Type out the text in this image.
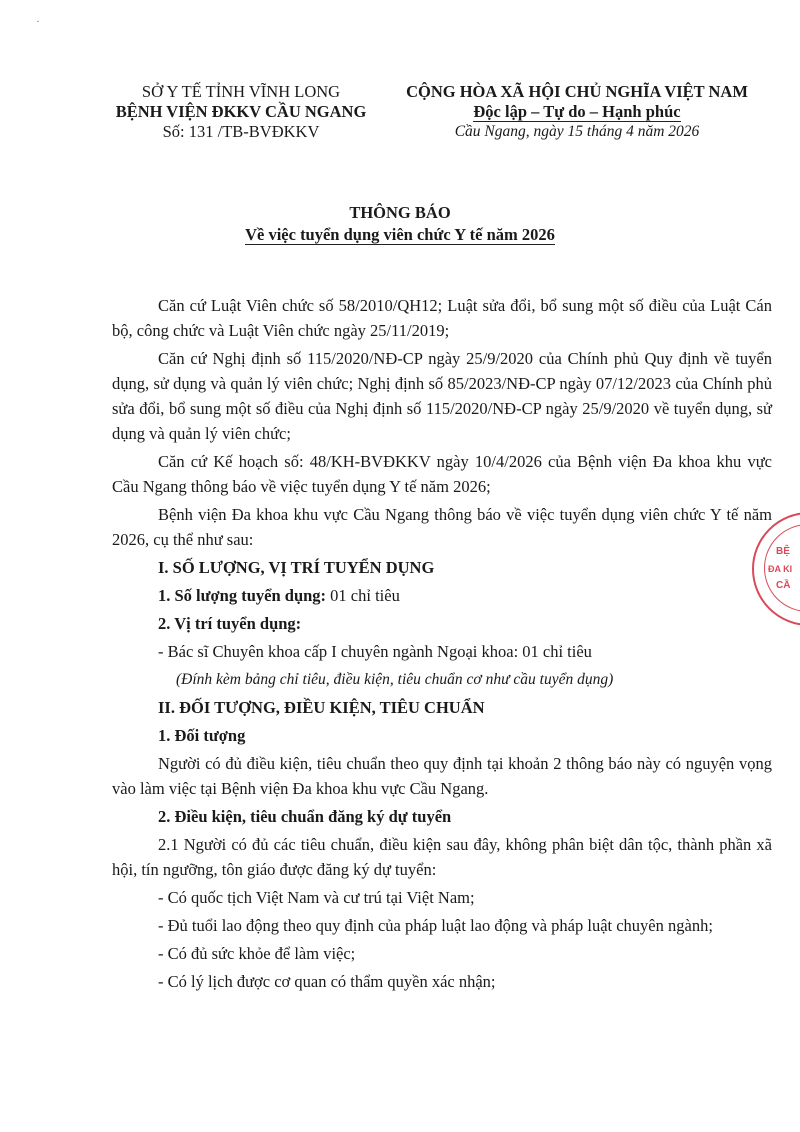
·
SỞ Y TẾ TỈNH VĨNH LONG
BỆNH VIỆN ĐKKV CẦU NGANG
Số: 131 /TB-BVĐKKV
CỘNG HÒA XÃ HỘI CHỦ NGHĨA VIỆT NAM
Độc lập – Tự do – Hạnh phúc
Cầu Ngang, ngày 15 tháng 4 năm 2026
THÔNG BÁO
Về việc tuyển dụng viên chức Y tế năm 2026

Căn cứ Luật Viên chức số 58/2010/QH12; Luật sửa đổi, bổ sung một số điều của Luật Cán bộ, công chức và Luật Viên chức ngày 25/11/2019;

Căn cứ Nghị định số 115/2020/NĐ-CP ngày 25/9/2020 của Chính phủ Quy định về tuyển dụng, sử dụng và quản lý viên chức; Nghị định số 85/2023/NĐ-CP ngày 07/12/2023 của Chính phủ sửa đổi, bổ sung một số điều của Nghị định số 115/2020/NĐ-CP ngày 25/9/2020 về tuyển dụng, sử dụng và quản lý viên chức;

Căn cứ Kế hoạch số: 48/KH-BVĐKKV ngày 10/4/2026 của Bệnh viện Đa khoa khu vực Cầu Ngang thông báo về việc tuyển dụng Y tế năm 2026;

Bệnh viện Đa khoa khu vực Cầu Ngang thông báo về việc tuyển dụng viên chức Y tế năm 2026, cụ thể như sau:

I. SỐ LƯỢNG, VỊ TRÍ TUYỂN DỤNG
1. Số lượng tuyển dụng: 01 chỉ tiêu
2. Vị trí tuyển dụng:
- Bác sĩ Chuyên khoa cấp I chuyên ngành Ngoại khoa: 01 chỉ tiêu
(Đính kèm bảng chỉ tiêu, điều kiện, tiêu chuẩn cơ như cầu tuyển dụng)
II. ĐỐI TƯỢNG, ĐIỀU KIỆN, TIÊU CHUẨN
1. Đối tượng

Người có đủ điều kiện, tiêu chuẩn theo quy định tại khoản 2 thông báo này có nguyện vọng vào làm việc tại Bệnh viện Đa khoa khu vực Cầu Ngang.

2. Điều kiện, tiêu chuẩn đăng ký dự tuyển

2.1 Người có đủ các tiêu chuẩn, điều kiện sau đây, không phân biệt dân tộc, thành phần xã hội, tín ngưỡng, tôn giáo được đăng ký dự tuyển:

- Có quốc tịch Việt Nam và cư trú tại Việt Nam;

- Đủ tuổi lao động theo quy định của pháp luật lao động và pháp luật chuyên ngành;

- Có đủ sức khỏe để làm việc;
- Có lý lịch được cơ quan có thẩm quyền xác nhận;
BỆ
ĐA KI
CẦ
